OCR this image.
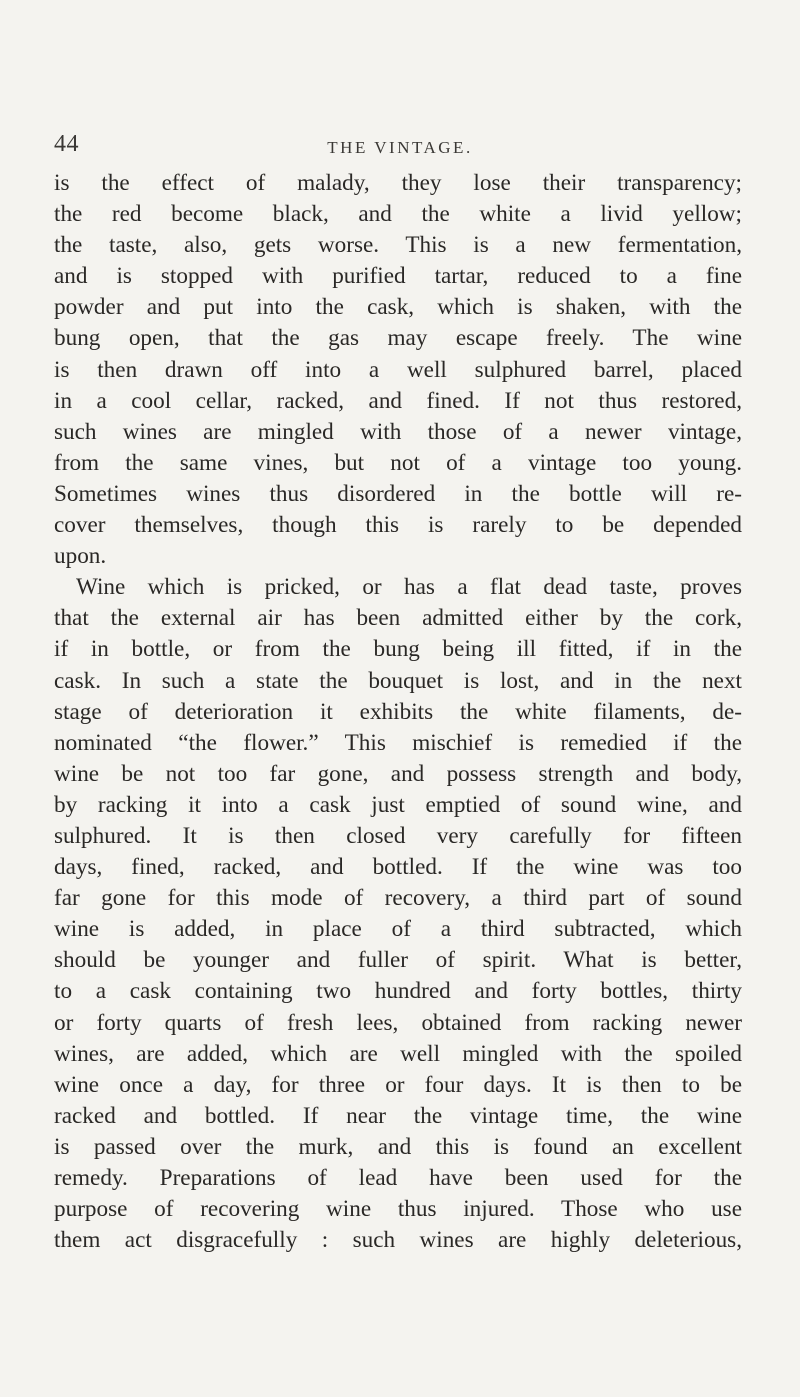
44	THE VINTAGE.
is the effect of malady, they lose their transparency;
the red become black, and the white a livid yellow;
the taste, also, gets worse. This is a new fermentation,
and is stopped with purified tartar, reduced to a fine
powder and put into the cask, which is shaken, with the
bung open, that the gas may escape freely. The wine
is then drawn off into a well sulphured barrel, placed
in a cool cellar, racked, and fined. If not thus restored,
such wines are mingled with those of a newer vintage,
from the same vines, but not of a vintage too young.
Sometimes wines thus disordered in the bottle will re-
cover themselves, though this is rarely to be depended
upon.
Wine which is pricked, or has a flat dead taste, proves
that the external air has been admitted either by the cork,
if in bottle, or from the bung being ill fitted, if in the
cask. In such a state the bouquet is lost, and in the next
stage of deterioration it exhibits the white filaments, de-
nominated “the flower.” This mischief is remedied if the
wine be not too far gone, and possess strength and body,
by racking it into a cask just emptied of sound wine, and
sulphured. It is then closed very carefully for fifteen
days, fined, racked, and bottled. If the wine was too
far gone for this mode of recovery, a third part of sound
wine is added, in place of a third subtracted, which
should be younger and fuller of spirit. What is better,
to a cask containing two hundred and forty bottles, thirty
or forty quarts of fresh lees, obtained from racking newer
wines, are added, which are well mingled with the spoiled
wine once a day, for three or four days. It is then to be
racked and bottled. If near the vintage time, the wine
is passed over the murk, and this is found an excellent
remedy. Preparations of lead have been used for the
purpose of recovering wine thus injured. Those who use
them act disgracefully : such wines are highly deleterious,
